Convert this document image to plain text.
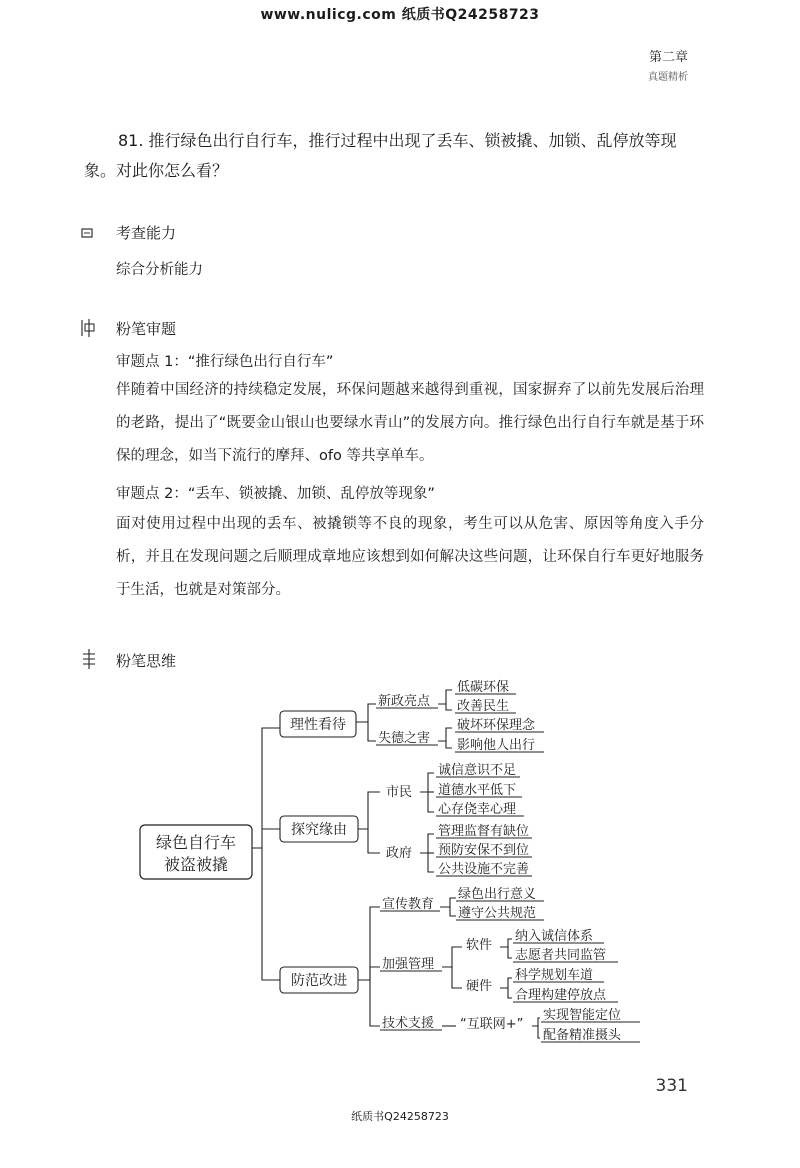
www.nulicg.com 纸质书Q24258723
第二章
真题精析
81. 推行绿色出行自行车，推行过程中出现了丢车、锁被撬、加锁、乱停放等现
象。对此你怎么看？
考查能力
综合分析能力
粉笔审题
审题点 1：“推行绿色出行自行车”
伴随着中国经济的持续稳定发展，环保问题越来越得到重视，国家摒弃了以前先发展后治理的老路，提出了“既要金山银山也要绿水青山”的发展方向。推行绿色出行自行车就是基于环保的理念，如当下流行的摩拜、ofo 等共享单车。
审题点 2：“丢车、锁被撬、加锁、乱停放等现象”
面对使用过程中出现的丢车、被撬锁等不良的现象，考生可以从危害、原因等角度入手分析，并且在发现问题之后顺理成章地应该想到如何解决这些问题，让环保自行车更好地服务于生活，也就是对策部分。
粉笔思维
绿色自行车
被盗被撬
理性看待
探究缘由
防范改进
新政亮点
失德之害
低碳环保
改善民生
破坏环保理念
影响他人出行
市民
政府
诚信意识不足
道德水平低下
心存侥幸心理
管理监督有缺位
预防安保不到位
公共设施不完善
宣传教育
绿色出行意义
遵守公共规范
加强管理
软件
硬件
纳入诚信体系
志愿者共同监管
科学规划车道
合理构建停放点
技术支援 “互联网+”
实现智能定位
配备精准摄头
331
纸质书Q24258723
